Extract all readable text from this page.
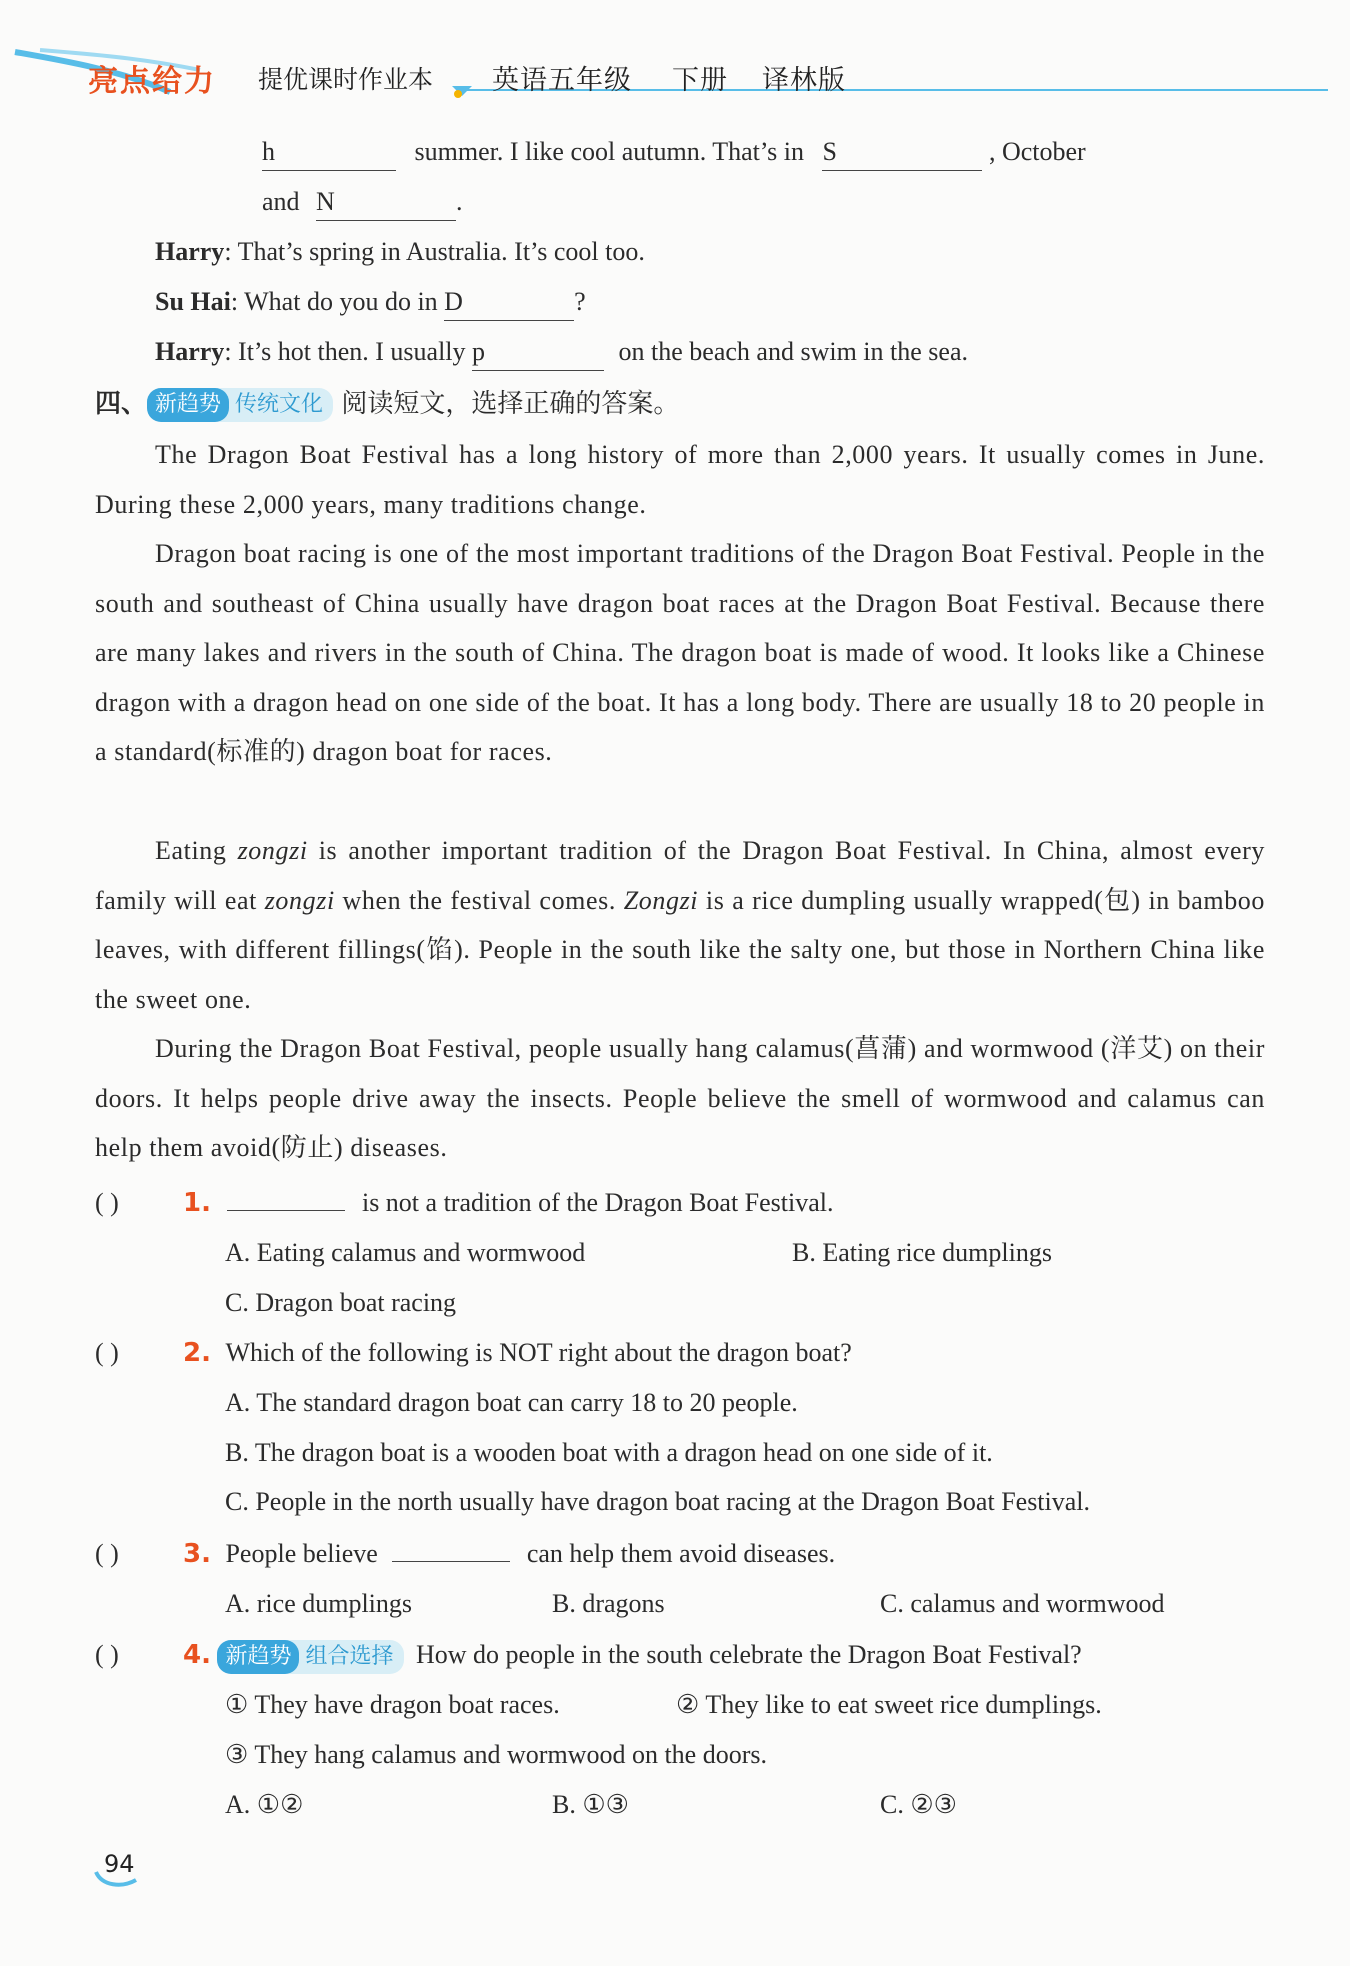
亮点给力 提优课时作业本 英语五年级 下册 译林版
h	summer. I like cool autumn. That’s in S	, October
and N	.
Harry: That’s spring in Australia. It’s cool too.
Su Hai: What do you do in D	?
Harry: It’s hot then. I usually p	on the beach and swim in the sea.
四、 新趋势 传统文化 阅读短文，选择正确的答案。
The Dragon Boat Festival has a long history of more than 2,000 years. It usually comes in June. During these 2,000 years, many traditions change.
Dragon boat racing is one of the most important traditions of the Dragon Boat Festival. People in the south and southeast of China usually have dragon boat races at the Dragon Boat Festival. Because there are many lakes and rivers in the south of China. The dragon boat is made of wood. It looks like a Chinese dragon with a dragon head on one side of the boat. It has a long body. There are usually 18 to 20 people in a standard(标准的) dragon boat for races.
Eating zongzi is another important tradition of the Dragon Boat Festival. In China, almost every family will eat zongzi when the festival comes. Zongzi is a rice dumpling usually wrapped(包) in bamboo leaves, with different fillings(馅). People in the south like the salty one, but those in Northern China like the sweet one.
During the Dragon Boat Festival, people usually hang calamus(菖蒲) and wormwood (洋艾) on their doors. It helps people drive away the insects. People believe the smell of wormwood and calamus can help them avoid(防止) diseases.
( ) 1.	is not a tradition of the Dragon Boat Festival.
A. Eating calamus and wormwood	B. Eating rice dumplings
C. Dragon boat racing
( ) 2. Which of the following is NOT right about the dragon boat?
A. The standard dragon boat can carry 18 to 20 people.
B. The dragon boat is a wooden boat with a dragon head on one side of it.
C. People in the north usually have dragon boat racing at the Dragon Boat Festival.
( ) 3. People believe	can help them avoid diseases.
A. rice dumplings	B. dragons	C. calamus and wormwood
( ) 4. 新趋势 组合选择 How do people in the south celebrate the Dragon Boat Festival?
① They have dragon boat races.	② They like to eat sweet rice dumplings.
③ They hang calamus and wormwood on the doors.
A. ①②	B. ①③	C. ②③
94
